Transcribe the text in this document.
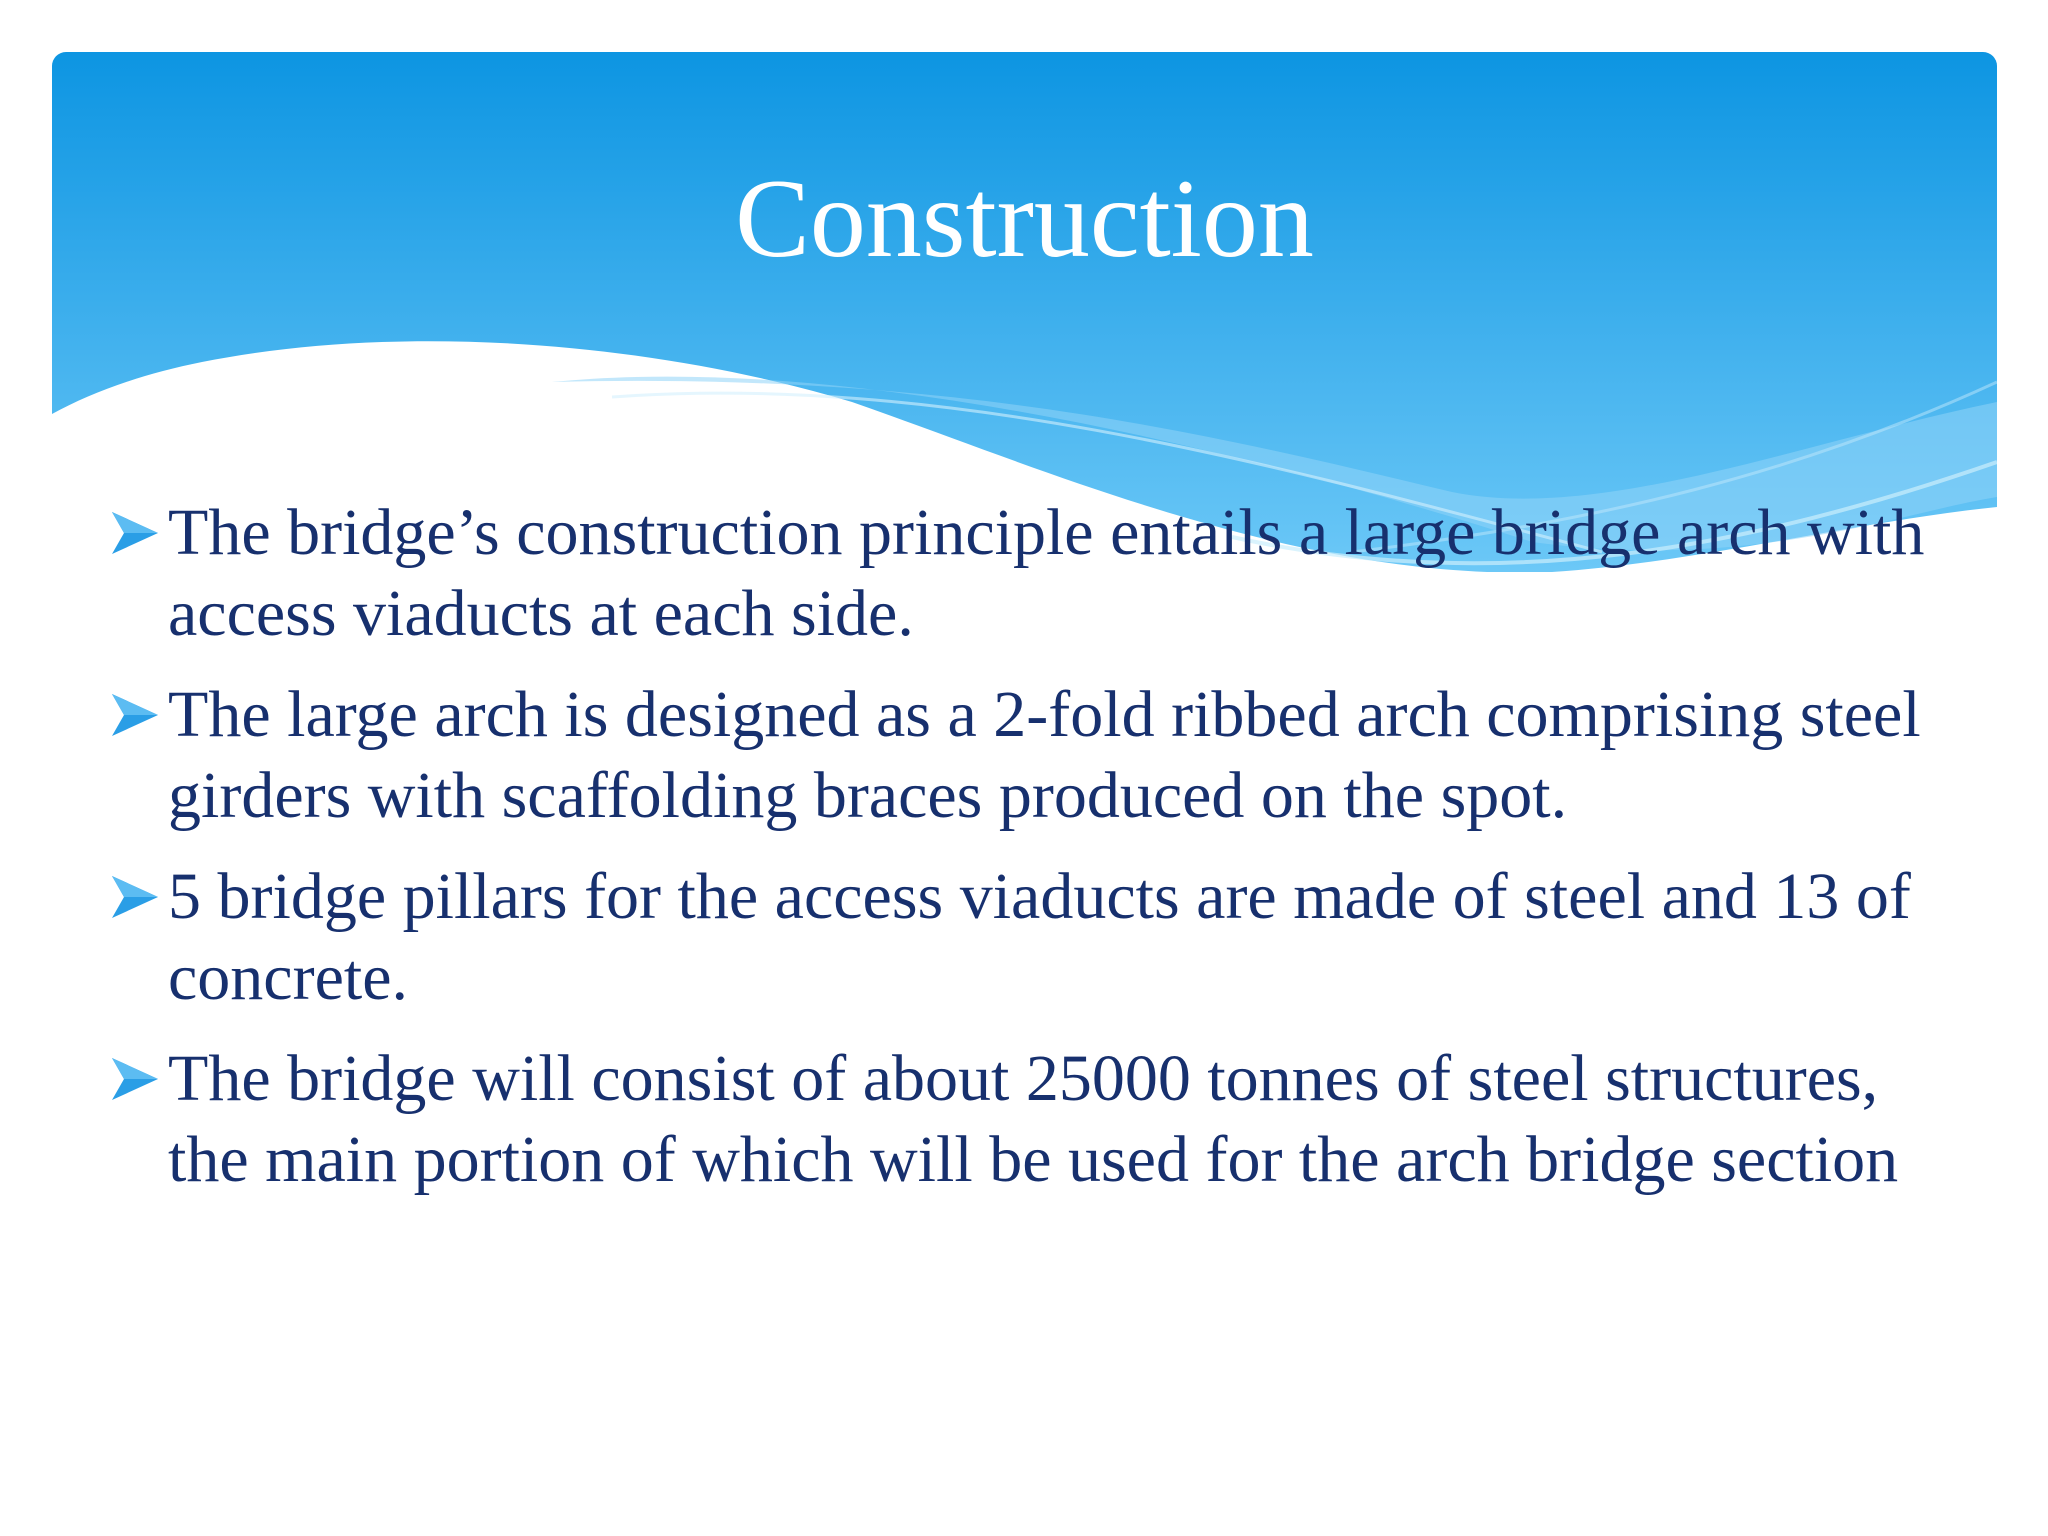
Construction
The bridge’s construction principle entails a large bridge arch with access viaducts at each side.
The large arch is designed as a 2-fold ribbed arch comprising steel girders with scaffolding braces produced on the spot.
5 bridge pillars for the access viaducts are made of steel and 13 of concrete.
The bridge will consist of about 25000 tonnes of steel structures, the main portion of which will be used for the arch bridge section
